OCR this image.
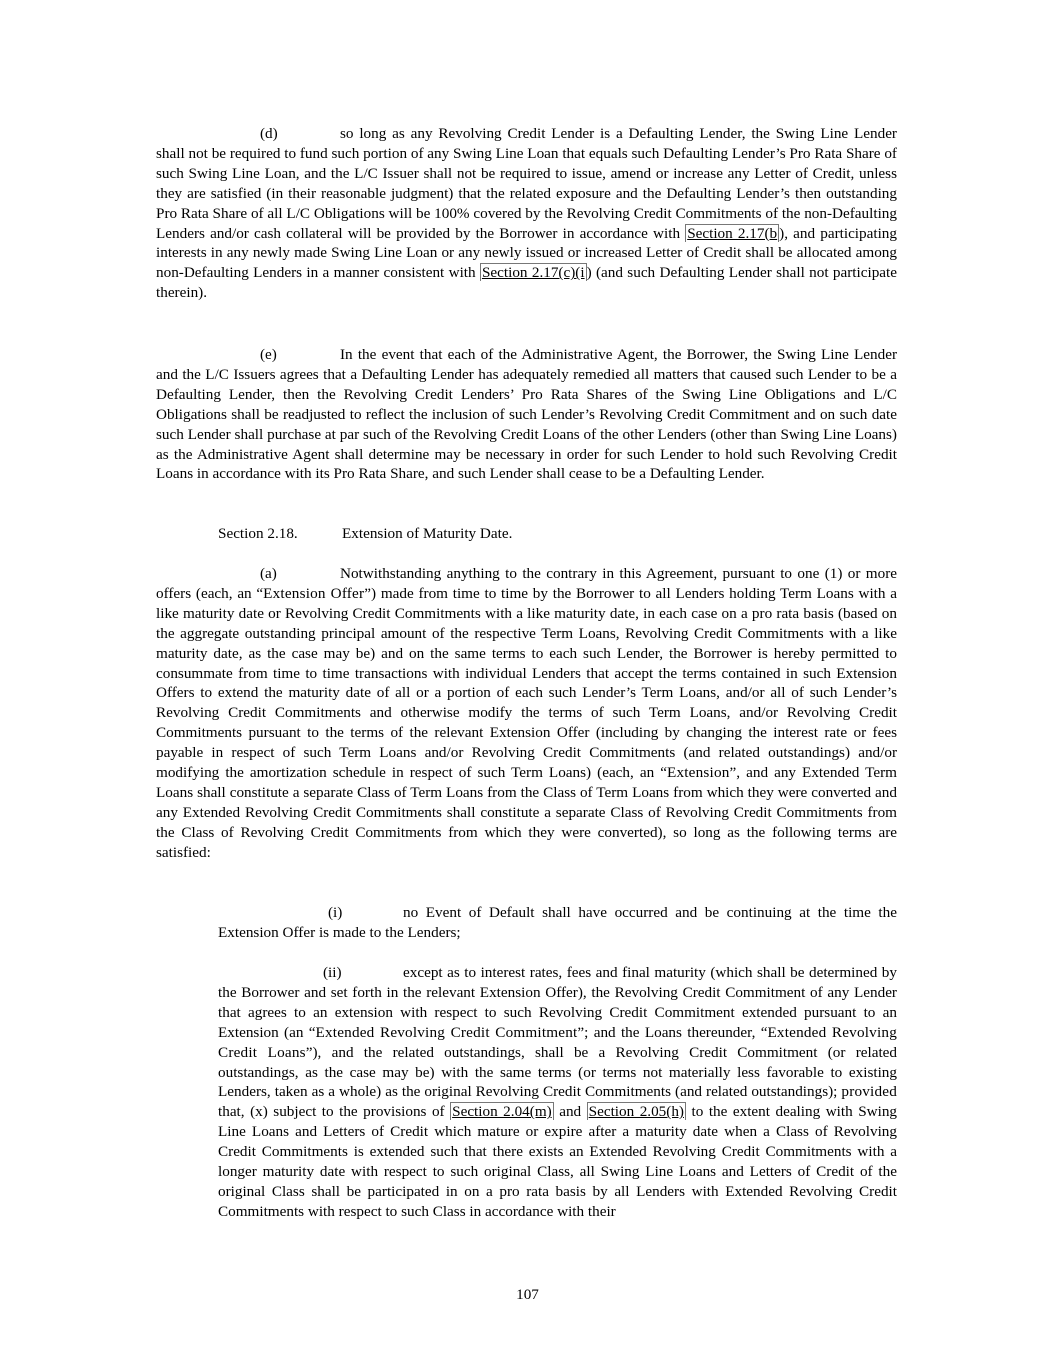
(d)	so long as any Revolving Credit Lender is a Defaulting Lender, the Swing Line Lender shall not be required to fund such portion of any Swing Line Loan that equals such Defaulting Lender’s Pro Rata Share of such Swing Line Loan, and the L/C Issuer shall not be required to issue, amend or increase any Letter of Credit, unless they are satisfied (in their reasonable judgment) that the related exposure and the Defaulting Lender’s then outstanding Pro Rata Share of all L/C Obligations will be 100% covered by the Revolving Credit Commitments of the non-Defaulting Lenders and/or cash collateral will be provided by the Borrower in accordance with Section 2.17(b ), and participating interests in any newly made Swing Line Loan or any newly issued or increased Letter of Credit shall be allocated among non-Defaulting Lenders in a manner consistent with Section 2.17(c)(i ) (and such Defaulting Lender shall not participate therein).

(e)	In the event that each of the Administrative Agent, the Borrower, the Swing Line Lender and the L/C Issuers agrees that a Defaulting Lender has adequately remedied all matters that caused such Lender to be a Defaulting Lender, then the Revolving Credit Lenders’ Pro Rata Shares of the Swing Line Obligations and L/C Obligations shall be readjusted to reflect the inclusion of such Lender’s Revolving Credit Commitment and on such date such Lender shall purchase at par such of the Revolving Credit Loans of the other Lenders (other than Swing Line Loans) as the Administrative Agent shall determine may be necessary in order for such Lender to hold such Revolving Credit Loans in accordance with its Pro Rata Share, and such Lender shall cease to be a Defaulting Lender.

Section 2.18.	Extension of Maturity Date.

(a)	Notwithstanding anything to the contrary in this Agreement, pursuant to one (1) or more offers (each, an “Extension Offer”) made from time to time by the Borrower to all Lenders holding Term Loans with a like maturity date or Revolving Credit Commitments with a like maturity date, in each case on a pro rata basis (based on the aggregate outstanding principal amount of the respective Term Loans, Revolving Credit Commitments with a like maturity date, as the case may be) and on the same terms to each such Lender, the Borrower is hereby permitted to consummate from time to time transactions with individual Lenders that accept the terms contained in such Extension Offers to extend the maturity date of all or a portion of each such Lender’s Term Loans, and/or all of such Lender’s Revolving Credit Commitments and otherwise modify the terms of such Term Loans, and/or Revolving Credit Commitments pursuant to the terms of the relevant Extension Offer (including by changing the interest rate or fees payable in respect of such Term Loans and/or Revolving Credit Commitments (and related outstandings) and/or modifying the amortization schedule in respect of such Term Loans) (each, an “Extension”, and any Extended Term Loans shall constitute a separate Class of Term Loans from the Class of Term Loans from which they were converted and any Extended Revolving Credit Commitments shall constitute a separate Class of Revolving Credit Commitments from the Class of Revolving Credit Commitments from which they were converted), so long as the following terms are satisfied:

(i)	no Event of Default shall have occurred and be continuing at the time the Extension Offer is made to the Lenders;

(ii)	except as to interest rates, fees and final maturity (which shall be determined by the Borrower and set forth in the relevant Extension Offer), the Revolving Credit Commitment of any Lender that agrees to an extension with respect to such Revolving Credit Commitment extended pursuant to an Extension (an “Extended Revolving Credit Commitment”; and the Loans thereunder, “Extended Revolving Credit Loans”), and the related outstandings, shall be a Revolving Credit Commitment (or related outstandings, as the case may be) with the same terms (or terms not materially less favorable to existing Lenders, taken as a whole) as the original Revolving Credit Commitments (and related outstandings); provided that, (x) subject to the provisions of Section 2.04(m) and Section 2.05(h) to the extent dealing with Swing Line Loans and Letters of Credit which mature or expire after a maturity date when a Class of Revolving Credit Commitments is extended such that there exists an Extended Revolving Credit Commitments with a longer maturity date with respect to such original Class, all Swing Line Loans and Letters of Credit of the original Class shall be participated in on a pro rata basis by all Lenders with Extended Revolving Credit Commitments with respect to such Class in accordance with their

107
